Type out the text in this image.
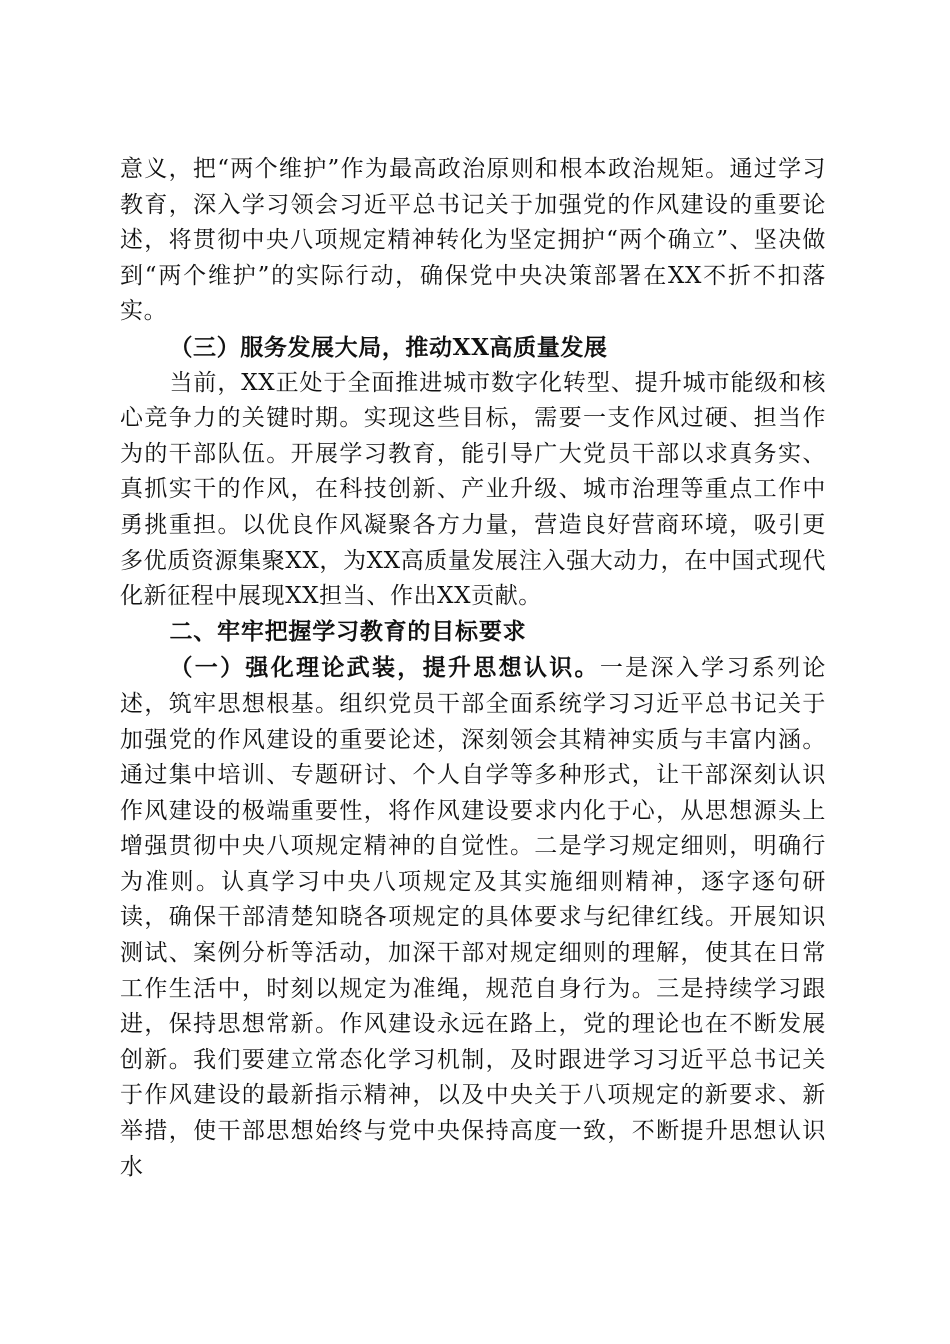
意义，把“两个维护”作为最高政治原则和根本政治规矩。通过学习教育，深入学习领会习近平总书记关于加强党的作风建设的重要论述，将贯彻中央八项规定精神转化为坚定拥护“两个确立”、坚决做到“两个维护”的实际行动，确保党中央决策部署在XX不折不扣落实。

（三）服务发展大局，推动XX高质量发展

当前，XX正处于全面推进城市数字化转型、提升城市能级和核心竞争力的关键时期。实现这些目标，需要一支作风过硬、担当作为的干部队伍。开展学习教育，能引导广大党员干部以求真务实、真抓实干的作风，在科技创新、产业升级、城市治理等重点工作中勇挑重担。以优良作风凝聚各方力量，营造良好营商环境，吸引更多优质资源集聚XX，为XX高质量发展注入强大动力，在中国式现代化新征程中展现XX担当、作出XX贡献。

二、牢牢把握学习教育的目标要求

（一）强化理论武装，提升思想认识。一是深入学习系列论述，筑牢思想根基。组织党员干部全面系统学习习近平总书记关于加强党的作风建设的重要论述，深刻领会其精神实质与丰富内涵。通过集中培训、专题研讨、个人自学等多种形式，让干部深刻认识作风建设的极端重要性，将作风建设要求内化于心，从思想源头上增强贯彻中央八项规定精神的自觉性。二是学习规定细则，明确行为准则。认真学习中央八项规定及其实施细则精神，逐字逐句研读，确保干部清楚知晓各项规定的具体要求与纪律红线。开展知识测试、案例分析等活动，加深干部对规定细则的理解，使其在日常工作生活中，时刻以规定为准绳，规范自身行为。三是持续学习跟进，保持思想常新。作风建设永远在路上，党的理论也在不断发展创新。我们要建立常态化学习机制，及时跟进学习习近平总书记关于作风建设的最新指示精神，以及中央关于八项规定的新要求、新举措，使干部思想始终与党中央保持高度一致，不断提升思想认识水
